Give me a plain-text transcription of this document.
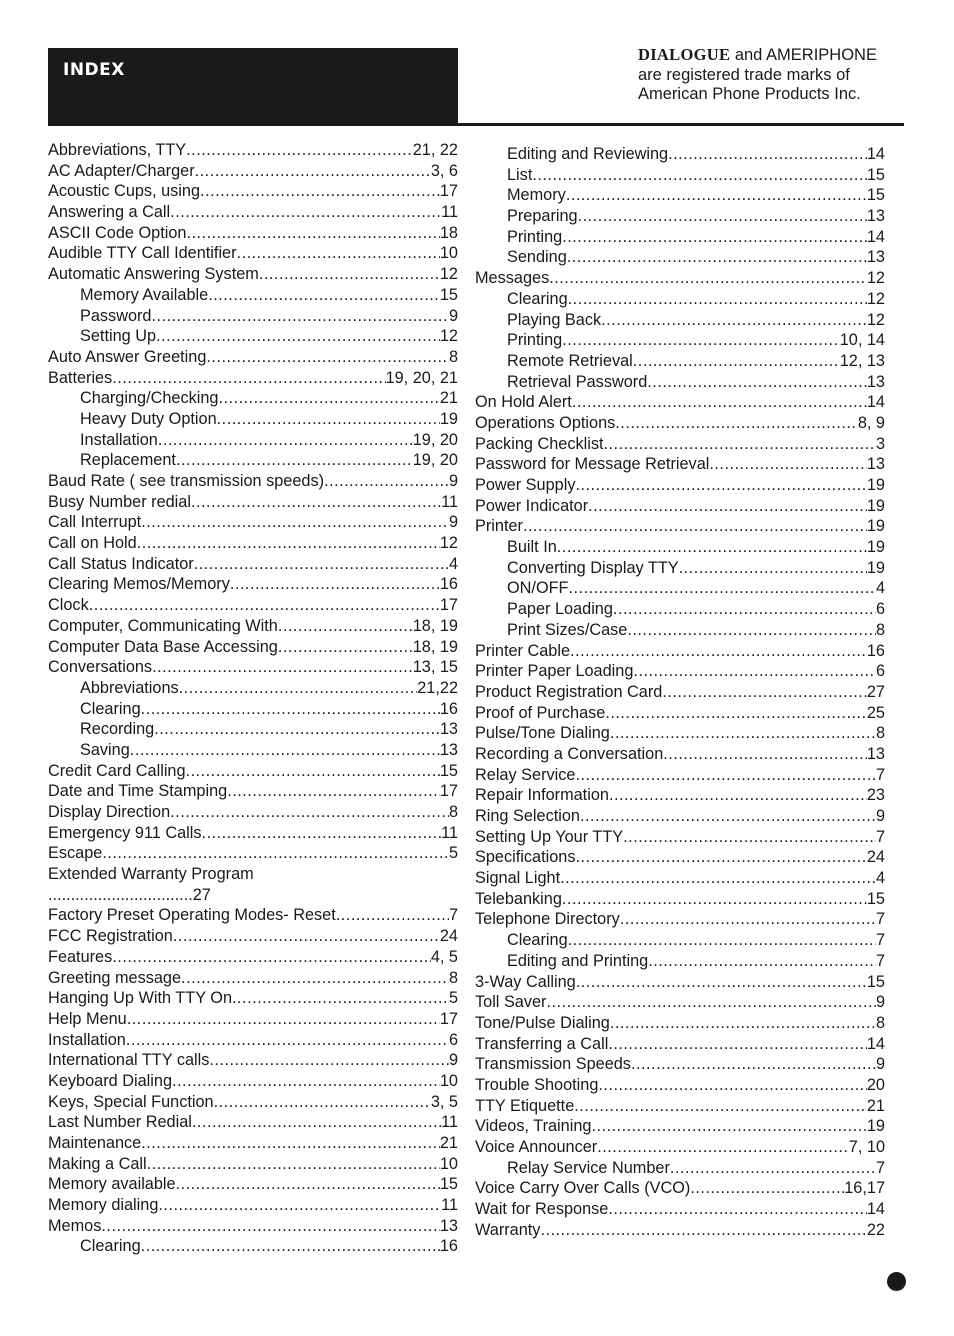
INDEX
DIALOGUE and AMERIPHONE
are registered trade marks of
American Phone Products Inc.
Abbreviations, TTY .....	21, 22
AC Adapter/Charger .....	3, 6
Acoustic Cups, using .....	17
Answering a Call .....	11
ASCII Code Option .....	18
Audible TTY Call Identifier .....	10
Automatic Answering System .....	12
Memory Available .....	15
Password .....	9
Setting Up .....	12
Auto Answer Greeting .....	8
Batteries .....	19, 20, 21
Charging/Checking .....	21
Heavy Duty Option .....	19
Installation .....	19, 20
Replacement .....	19, 20
Baud Rate ( see transmission speeds) .....	9
Busy Number redial .....	11
Call Interrupt .....	9
Call on Hold .....	12
Call Status Indicator .....	4
Clearing Memos/Memory .....	16
Clock .....	17
Computer, Communicating With .....	18, 19
Computer Data Base Accessing .....	18, 19
Conversations .....	13, 15
Abbreviations .....	21,22
Clearing .....	16
Recording .....	13
Saving .....	13
Credit Card Calling .....	15
Date and Time Stamping .....	17
Display Direction .....	8
Emergency 911 Calls .....	11
Escape .....	5
Extended Warranty Program
................................27
Factory Preset Operating Modes- Reset .....	7
FCC Registration .....	24
Features .....	4, 5
Greeting message .....	8
Hanging Up With TTY On .....	5
Help Menu .....	17
Installation .....	6
International TTY calls .....	9
Keyboard Dialing .....	10
Keys, Special Function .....	3, 5
Last Number Redial .....	11
Maintenance .....	21
Making a Call .....	10
Memory available .....	15
Memory dialing .....	11
Memos .....	13
Clearing .....	16
Editing and Reviewing .....	14
List .....	15
Memory .....	15
Preparing .....	13
Printing .....	14
Sending .....	13
Messages .....	12
Clearing .....	12
Playing Back .....	12
Printing .....	10, 14
Remote Retrieval .....	12, 13
Retrieval Password .....	13
On Hold Alert .....	14
Operations Options .....	8, 9
Packing Checklist .....	3
Password for Message Retrieval .....	13
Power Supply .....	19
Power Indicator .....	19
Printer .....	19
Built In .....	19
Converting Display TTY .....	19
ON/OFF .....	4
Paper Loading .....	6
Print Sizes/Case .....	8
Printer Cable .....	16
Printer Paper Loading .....	6
Product Registration Card .....	27
Proof of Purchase .....	25
Pulse/Tone Dialing .....	8
Recording a Conversation .....	13
Relay Service .....	7
Repair Information .....	23
Ring Selection .....	9
Setting Up Your TTY .....	7
Specifications .....	24
Signal Light .....	4
Telebanking .....	15
Telephone Directory .....	7
Clearing .....	7
Editing and Printing .....	7
3-Way Calling .....	15
Toll Saver .....	9
Tone/Pulse Dialing .....	8
Transferring a Call .....	14
Transmission Speeds .....	9
Trouble Shooting .....	20
TTY Etiquette .....	21
Videos, Training .....	19
Voice Announcer .....	7, 10
Relay Service Number .....	7
Voice Carry Over Calls (VCO) .....	16,17
Wait for Response .....	14
Warranty .....	22
